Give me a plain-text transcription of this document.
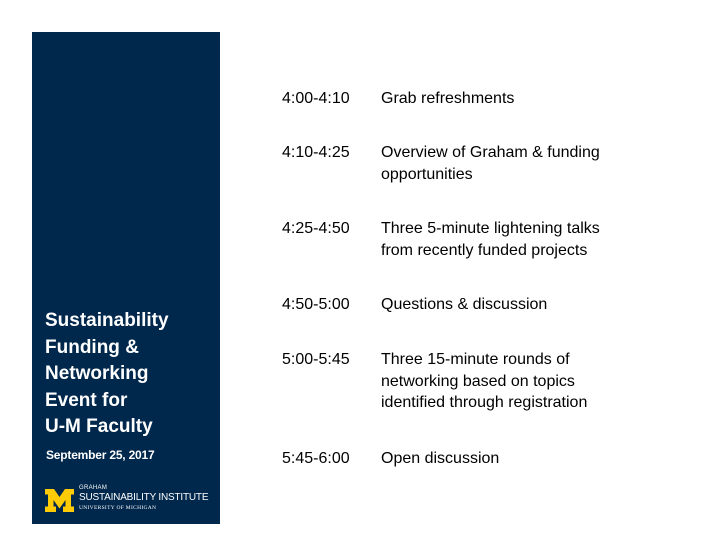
Sustainability
Funding &
Networking
Event for
U-M Faculty
September 25, 2017
GRAHAM
SUSTAINABILITY INSTITUTE
UNIVERSITY OF MICHIGAN
4:00-4:10 Grab refreshments
4:10-4:25 Overview of Graham & funding
opportunities
4:25-4:50 Three 5-minute lightening talks
from recently funded projects
4:50-5:00 Questions & discussion
5:00-5:45 Three 15-minute rounds of
networking based on topics
identified through registration
5:45-6:00 Open discussion
